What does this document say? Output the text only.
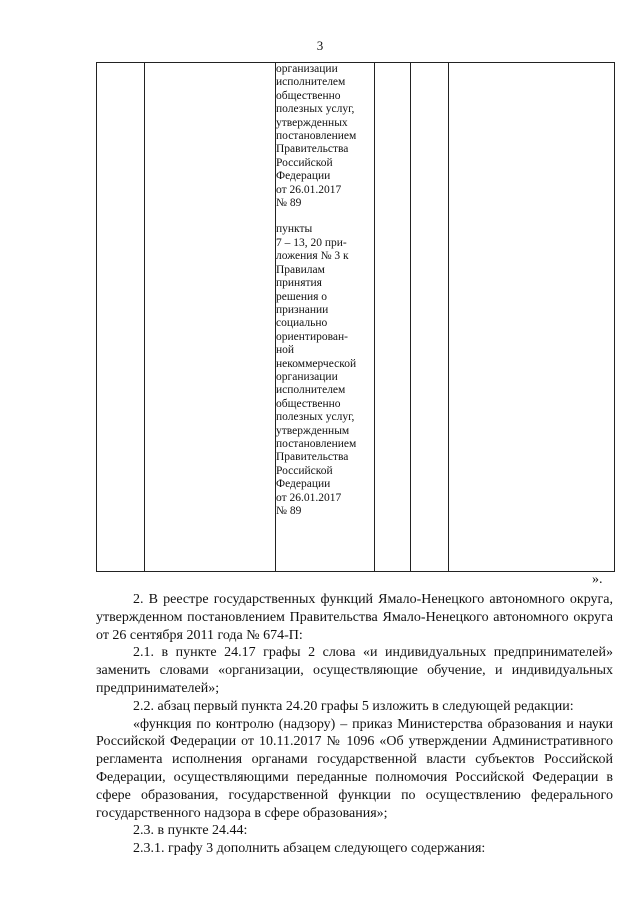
3

организации
исполнителем
общественно
полезных услуг,
утвержденных
постановлением
Правительства
Российской
Федерации
от 26.01.2017
№ 89

пункты
7 – 13, 20 при-
ложения № 3 к
Правилам
принятия
решения о
признании
социально
ориентирован-
ной
некоммерческой
организации
исполнителем
общественно
полезных услуг,
утвержденным
постановлением
Правительства
Российской
Федерации
от 26.01.2017
№ 89

».

2. В реестре государственных функций Ямало-Ненецкого автономного округа, утвержденном постановлением Правительства Ямало-Ненецкого автономного округа от 26 сентября 2011 года № 674-П:

2.1. в пункте 24.17 графы 2 слова «и индивидуальных предпринимателей» заменить словами «организации, осуществляющие обучение, и индивидуальных предпринимателей»;

2.2. абзац первый пункта 24.20 графы 5 изложить в следующей редакции:

«функция по контролю (надзору) – приказ Министерства образования и науки Российской Федерации от 10.11.2017 № 1096 «Об утверждении Административного регламента исполнения органами государственной власти субъектов Российской Федерации, осуществляющими переданные полномочия Российской Федерации в сфере образования, государственной функции по осуществлению федерального государственного надзора в сфере образования»;

2.3. в пункте 24.44:

2.3.1. графу 3 дополнить абзацем следующего содержания:
